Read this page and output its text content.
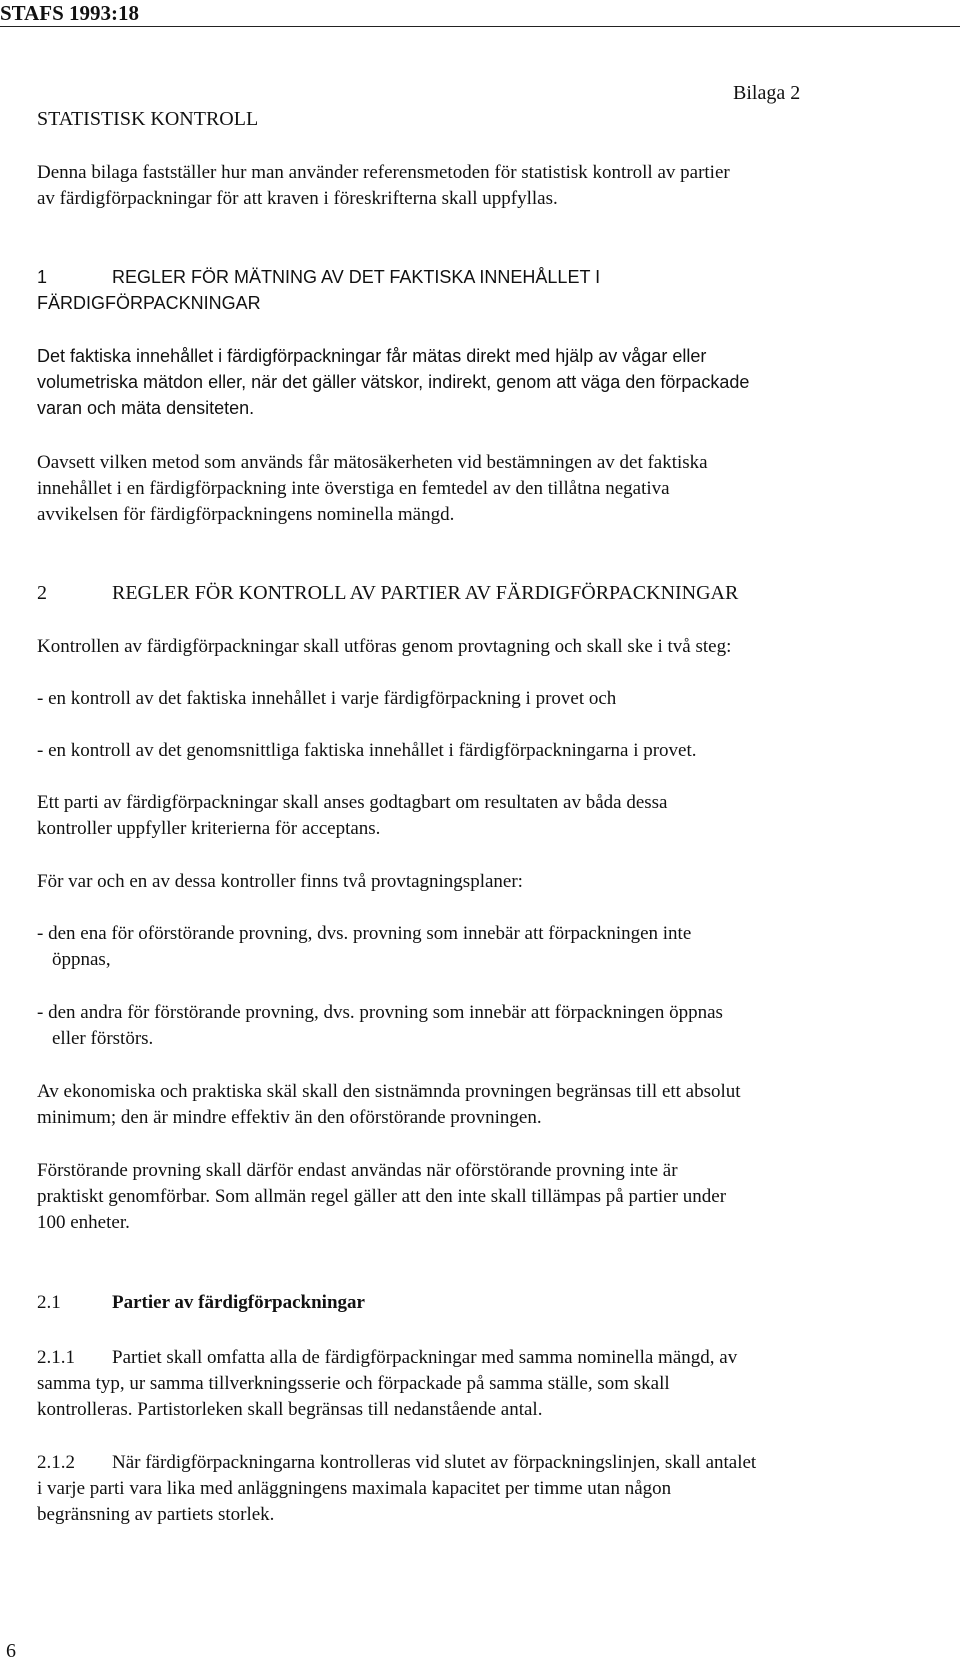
STAFS 1993:18
Bilaga 2
STATISTISK KONTROLL
Denna bilaga fastställer hur man använder referensmetoden för statistisk kontroll av partier
av färdigförpackningar för att kraven i föreskrifterna skall uppfyllas.
1	REGLER FÖR MÄTNING AV DET FAKTISKA INNEHÅLLET I
FÄRDIGFÖRPACKNINGAR
Det faktiska innehållet i färdigförpackningar får mätas direkt med hjälp av vågar eller
volumetriska mätdon eller, när det gäller vätskor, indirekt, genom att väga den förpackade
varan och mäta densiteten.
Oavsett vilken metod som används får mätosäkerheten vid bestämningen av det faktiska
innehållet i en färdigförpackning inte överstiga en femtedel av den tillåtna negativa
avvikelsen för färdigförpackningens nominella mängd.
2	REGLER FÖR KONTROLL AV PARTIER AV FÄRDIGFÖRPACKNINGAR
Kontrollen av färdigförpackningar skall utföras genom provtagning och skall ske i två steg:
- en kontroll av det faktiska innehållet i varje färdigförpackning i provet och
- en kontroll av det genomsnittliga faktiska innehållet i färdigförpackningarna i provet.
Ett parti av färdigförpackningar skall anses godtagbart om resultaten av båda dessa
kontroller uppfyller kriterierna för acceptans.
För var och en av dessa kontroller finns två provtagningsplaner:
- den ena för oförstörande provning, dvs. provning som innebär att förpackningen inte
öppnas,
- den andra för förstörande provning, dvs. provning som innebär att förpackningen öppnas
eller förstörs.
Av ekonomiska och praktiska skäl skall den sistnämnda provningen begränsas till ett absolut
minimum; den är mindre effektiv än den oförstörande provningen.
Förstörande provning skall därför endast användas när oförstörande provning inte är
praktiskt genomförbar. Som allmän regel gäller att den inte skall tillämpas på partier under
100 enheter.
2.1	Partier av färdigförpackningar
2.1.1 Partiet skall omfatta alla de färdigförpackningar med samma nominella mängd, av
samma typ, ur samma tillverkningsserie och förpackade på samma ställe, som skall
kontrolleras. Partistorleken skall begränsas till nedanstående antal.
2.1.2 När färdigförpackningarna kontrolleras vid slutet av förpackningslinjen, skall antalet
i varje parti vara lika med anläggningens maximala kapacitet per timme utan någon
begränsning av partiets storlek.
6
